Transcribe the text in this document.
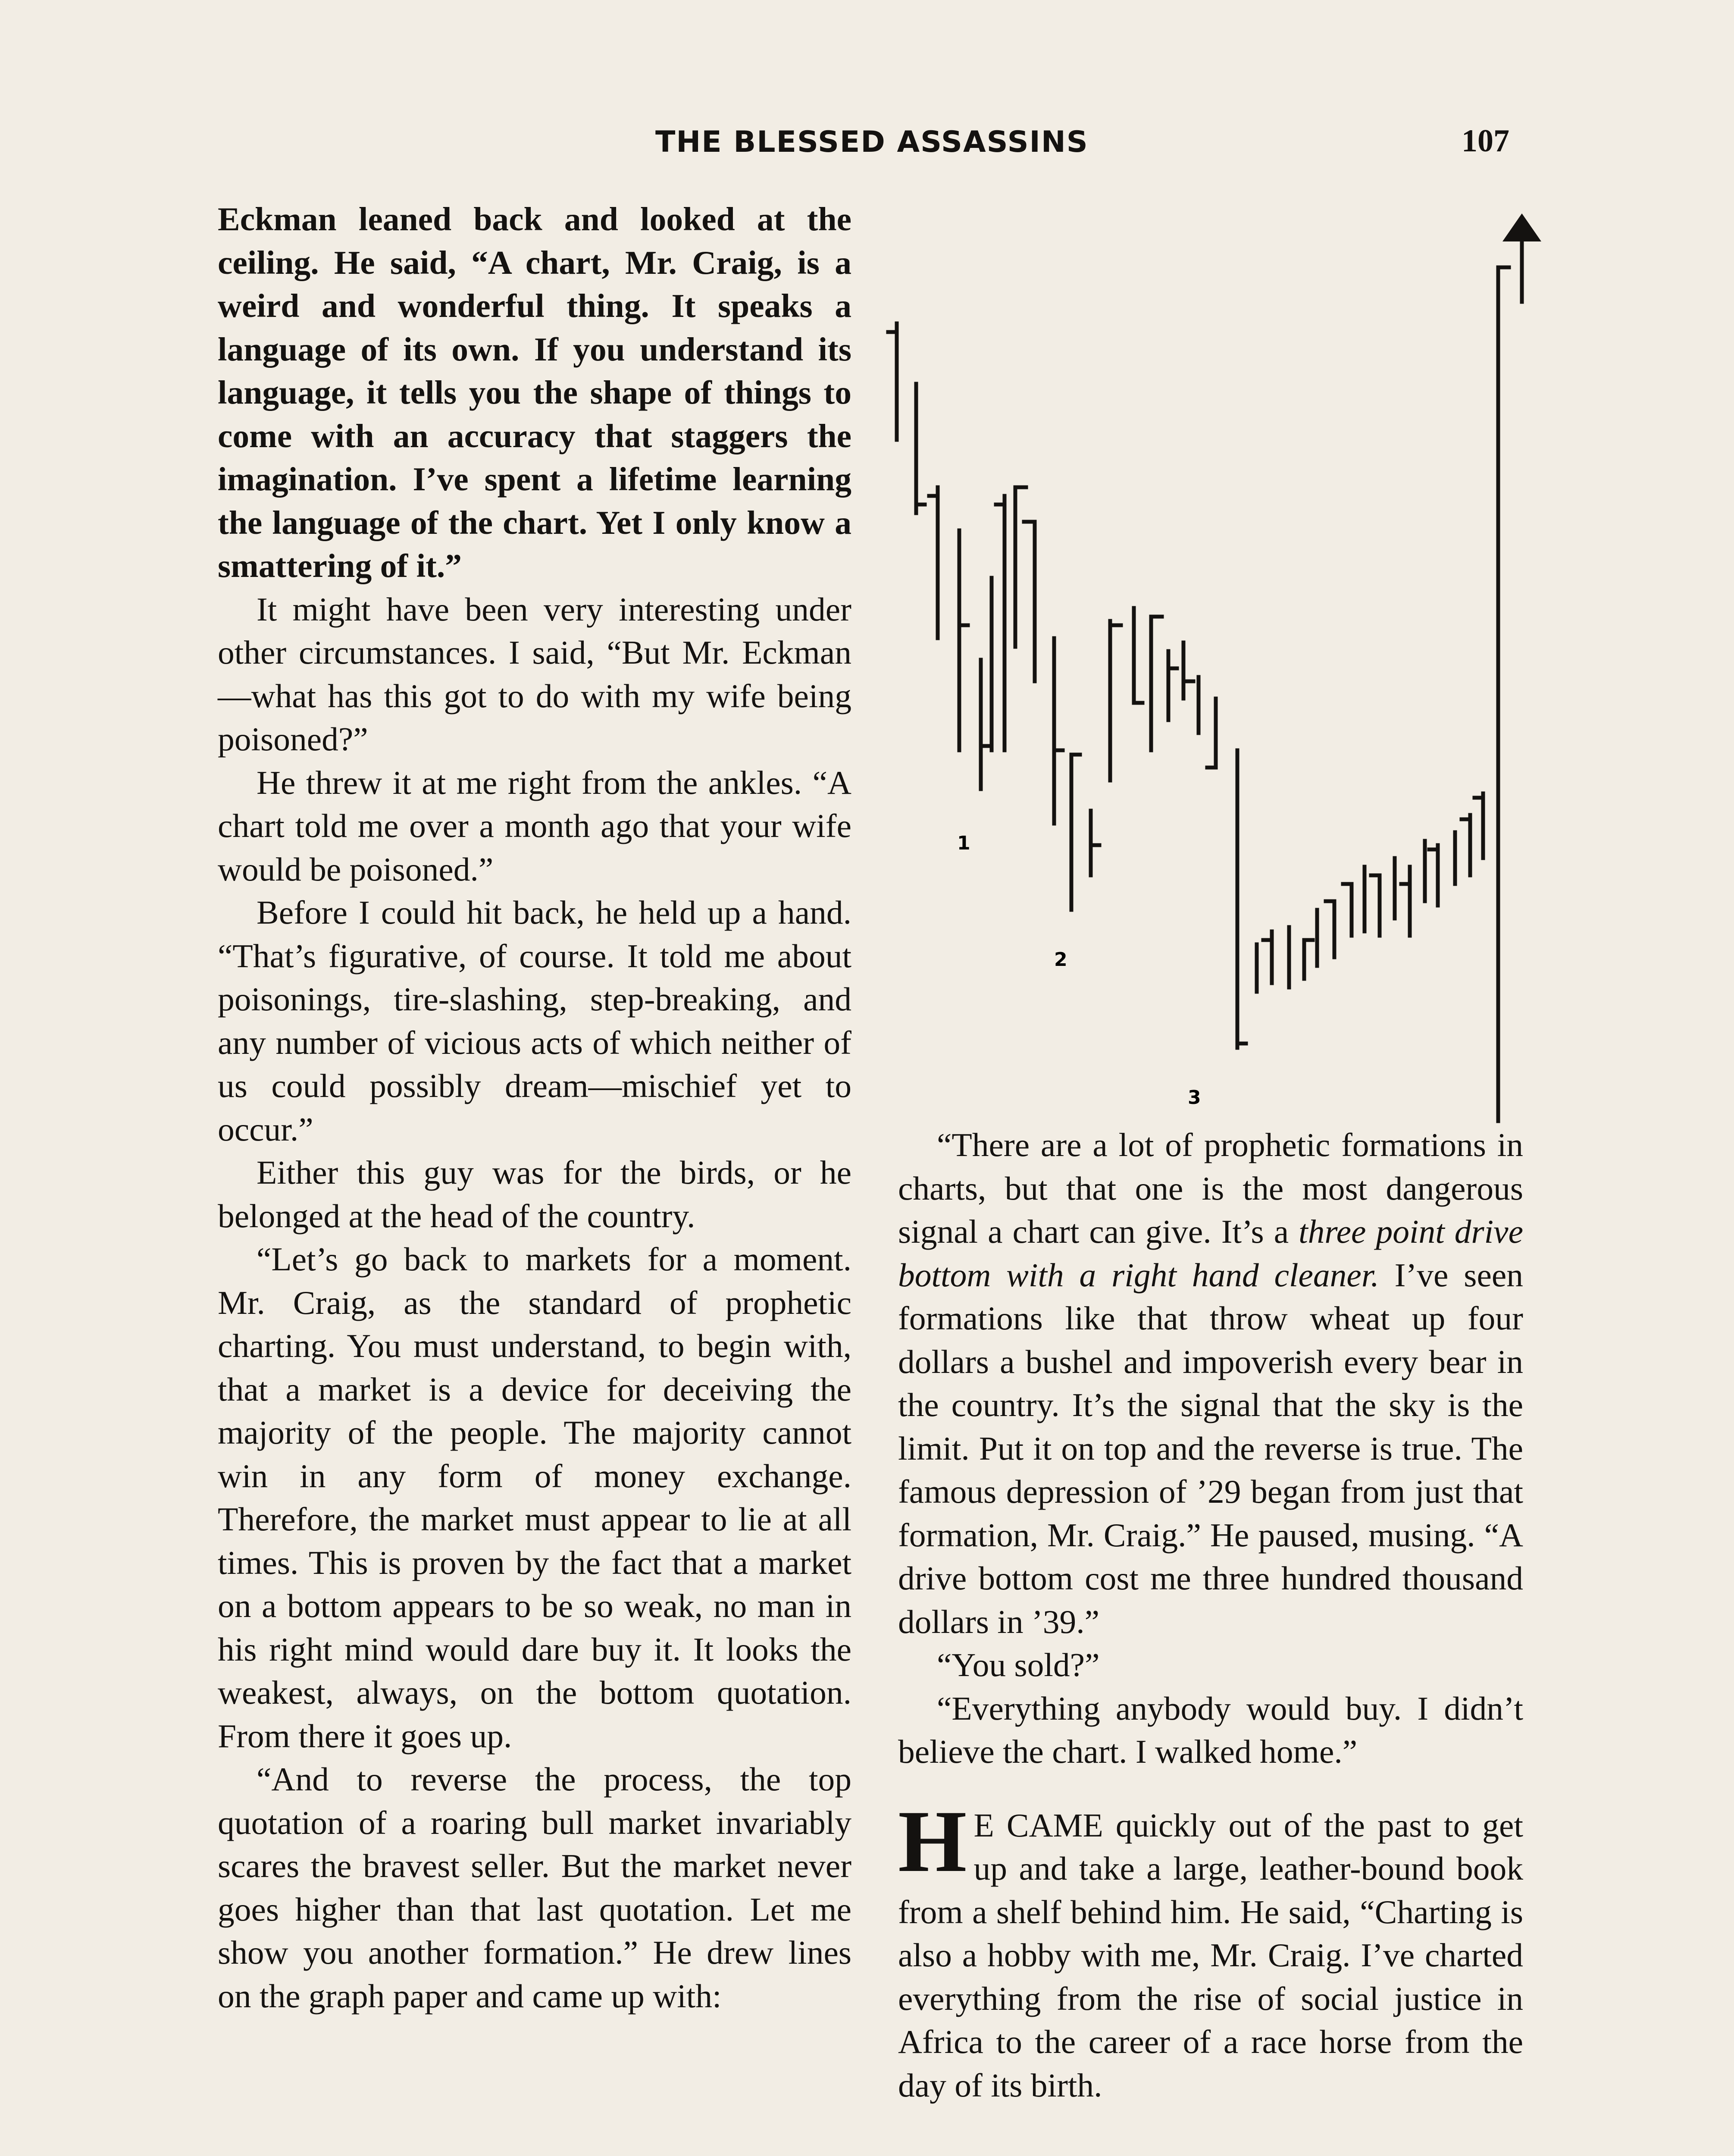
THE BLESSED ASSASSINS	107

Eckman leaned back and looked at the ceiling. He said, “A chart, Mr. Craig, is a weird and wonderful thing. It speaks a language of its own. If you understand its language, it tells you the shape of things to come with an accuracy that staggers the imagination. I’ve spent a lifetime learning the language of the chart. Yet I only know a smattering of it.”

It might have been very interesting under other circumstances. I said, “But Mr. Eckman—what has this got to do with my wife being poisoned?”

He threw it at me right from the ankles. “A chart told me over a month ago that your wife would be poisoned.”

Before I could hit back, he held up a hand. “That’s figurative, of course. It told me about poisonings, tire-slashing, step-breaking, and any number of vicious acts of which neither of us could possibly dream—mischief yet to occur.”

Either this guy was for the birds, or he belonged at the head of the country.

“Let’s go back to markets for a moment. Mr. Craig, as the standard of prophetic charting. You must understand, to begin with, that a market is a device for deceiving the majority of the people. The majority cannot win in any form of money exchange. Therefore, the market must appear to lie at all times. This is proven by the fact that a market on a bottom appears to be so weak, no man in his right mind would dare buy it. It looks the weakest, always, on the bottom quotation. From there it goes up.

“And to reverse the process, the top quotation of a roaring bull market invariably scares the bravest seller. But the market never goes higher than that last quotation. Let me show you another formation.” He drew lines on the graph paper and came up with:

1
2
3

“There are a lot of prophetic formations in charts, but that one is the most dangerous signal a chart can give. It’s a three point drive bottom with a right hand cleaner. I’ve seen formations like that throw wheat up four dollars a bushel and impoverish every bear in the country. It’s the signal that the sky is the limit. Put it on top and the reverse is true. The famous depression of ’29 began from just that formation, Mr. Craig.” He paused, musing. “A drive bottom cost me three hundred thousand dollars in ’39.”

“You sold?”

“Everything anybody would buy. I didn’t believe the chart. I walked home.”

H E CAME quickly out of the past to get up and take a large, leather-bound book from a shelf behind him. He said, “Charting is also a hobby with me, Mr. Craig. I’ve charted everything from the rise of social justice in Africa to the career of a race horse from the day of its birth.
